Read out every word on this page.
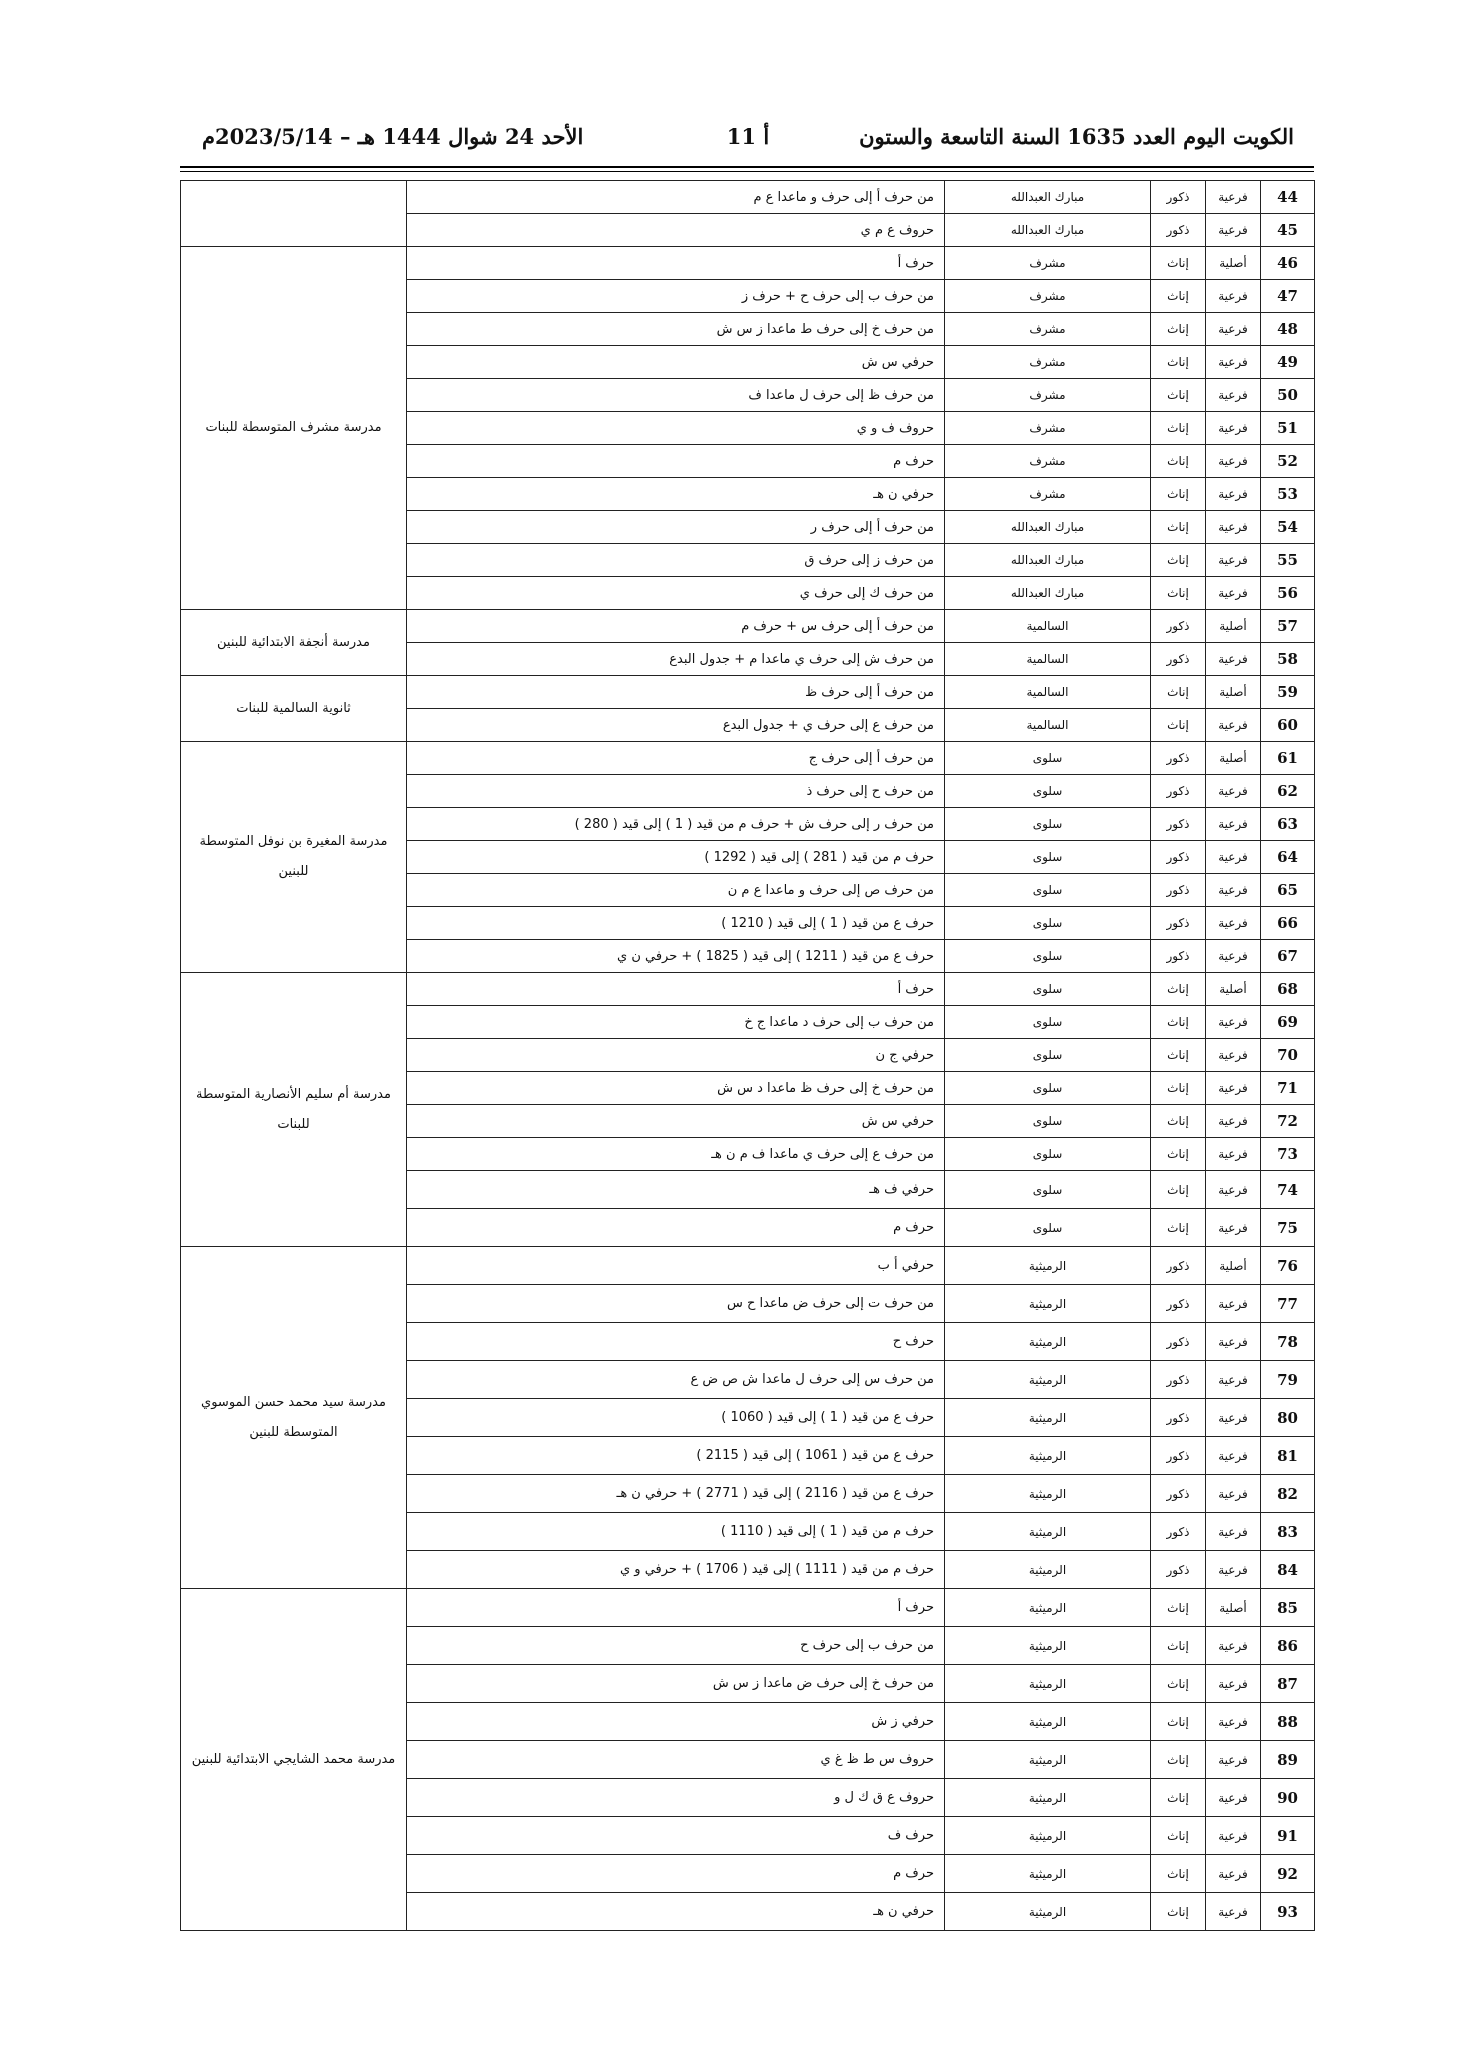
الكويت اليوم العدد 1635 السنة التاسعة والستون
أ 11
الأحد 24 شوال 1444 هـ – 2023/5/14م
44	فرعية	ذكور	مبارك العبدالله	من حرف أ إلى حرف و ماعدا ع م	
45	فرعية	ذكور	مبارك العبدالله	حروف ع م ي	
46	أصلية	إناث	مشرف	حرف أ	مدرسة مشرف المتوسطة للبنات
47	فرعية	إناث	مشرف	من حرف ب إلى حرف ح + حرف ز	
48	فرعية	إناث	مشرف	من حرف خ إلى حرف ط ماعدا ز س ش	
49	فرعية	إناث	مشرف	حرفي س ش	
50	فرعية	إناث	مشرف	من حرف ظ إلى حرف ل ماعدا ف	
51	فرعية	إناث	مشرف	حروف ف و ي	
52	فرعية	إناث	مشرف	حرف م	
53	فرعية	إناث	مشرف	حرفي ن هـ	
54	فرعية	إناث	مبارك العبدالله	من حرف أ إلى حرف ر	
55	فرعية	إناث	مبارك العبدالله	من حرف ز إلى حرف ق	
56	فرعية	إناث	مبارك العبدالله	من حرف ك إلى حرف ي	
57	أصلية	ذكور	السالمية	من حرف أ إلى حرف س + حرف م	مدرسة أنجفة الابتدائية للبنين
58	فرعية	ذكور	السالمية	من حرف ش إلى حرف ي ماعدا م + جدول البدع	
59	أصلية	إناث	السالمية	من حرف أ إلى حرف ظ	ثانوية السالمية للبنات
60	فرعية	إناث	السالمية	من حرف ع إلى حرف ي + جدول البدع	
61	أصلية	ذكور	سلوى	من حرف أ إلى حرف ج	مدرسة المغيرة بن نوفل المتوسطة للبنين
62	فرعية	ذكور	سلوى	من حرف ح إلى حرف ذ	
63	فرعية	ذكور	سلوى	من حرف ر إلى حرف ش + حرف م من قيد ( 1 ) إلى قيد ( 280 )	
64	فرعية	ذكور	سلوى	حرف م من قيد ( 281 ) إلى قيد ( 1292 )	
65	فرعية	ذكور	سلوى	من حرف ص إلى حرف و ماعدا ع م ن	
66	فرعية	ذكور	سلوى	حرف ع من قيد ( 1 ) إلى قيد ( 1210 )	
67	فرعية	ذكور	سلوى	حرف ع من قيد ( 1211 ) إلى قيد ( 1825 ) + حرفي ن ي	
68	أصلية	إناث	سلوى	حرف أ	مدرسة أم سليم الأنصارية المتوسطة للبنات
69	فرعية	إناث	سلوى	من حرف ب إلى حرف د ماعدا ج خ	
70	فرعية	إناث	سلوى	حرفي ج ن	
71	فرعية	إناث	سلوى	من حرف خ إلى حرف ظ ماعدا د س ش	
72	فرعية	إناث	سلوى	حرفي س ش	
73	فرعية	إناث	سلوى	من حرف ع إلى حرف ي ماعدا ف م ن هـ	
74	فرعية	إناث	سلوى	حرفي ف هـ	
75	فرعية	إناث	سلوى	حرف م	
76	أصلية	ذكور	الرميثية	حرفي أ ب	مدرسة سيد محمد حسن الموسوي المتوسطة للبنين
77	فرعية	ذكور	الرميثية	من حرف ت إلى حرف ض ماعدا ح س	
78	فرعية	ذكور	الرميثية	حرف ح	
79	فرعية	ذكور	الرميثية	من حرف س إلى حرف ل ماعدا ش ص ض ع	
80	فرعية	ذكور	الرميثية	حرف ع من قيد ( 1 ) إلى قيد ( 1060 )	
81	فرعية	ذكور	الرميثية	حرف ع من قيد ( 1061 ) إلى قيد ( 2115 )	
82	فرعية	ذكور	الرميثية	حرف ع من قيد ( 2116 ) إلى قيد ( 2771 ) + حرفي ن هـ	
83	فرعية	ذكور	الرميثية	حرف م من قيد ( 1 ) إلى قيد ( 1110 )	
84	فرعية	ذكور	الرميثية	حرف م من قيد ( 1111 ) إلى قيد ( 1706 ) + حرفي و ي	
85	أصلية	إناث	الرميثية	حرف أ	مدرسة محمد الشايجي الابتدائية للبنين
86	فرعية	إناث	الرميثية	من حرف ب إلى حرف ح	
87	فرعية	إناث	الرميثية	من حرف خ إلى حرف ض ماعدا ز س ش	
88	فرعية	إناث	الرميثية	حرفي ز ش	
89	فرعية	إناث	الرميثية	حروف س ط ظ غ ي	
90	فرعية	إناث	الرميثية	حروف ع ق ك ل و	
91	فرعية	إناث	الرميثية	حرف ف	
92	فرعية	إناث	الرميثية	حرف م	
93	فرعية	إناث	الرميثية	حرفي ن هـ	
